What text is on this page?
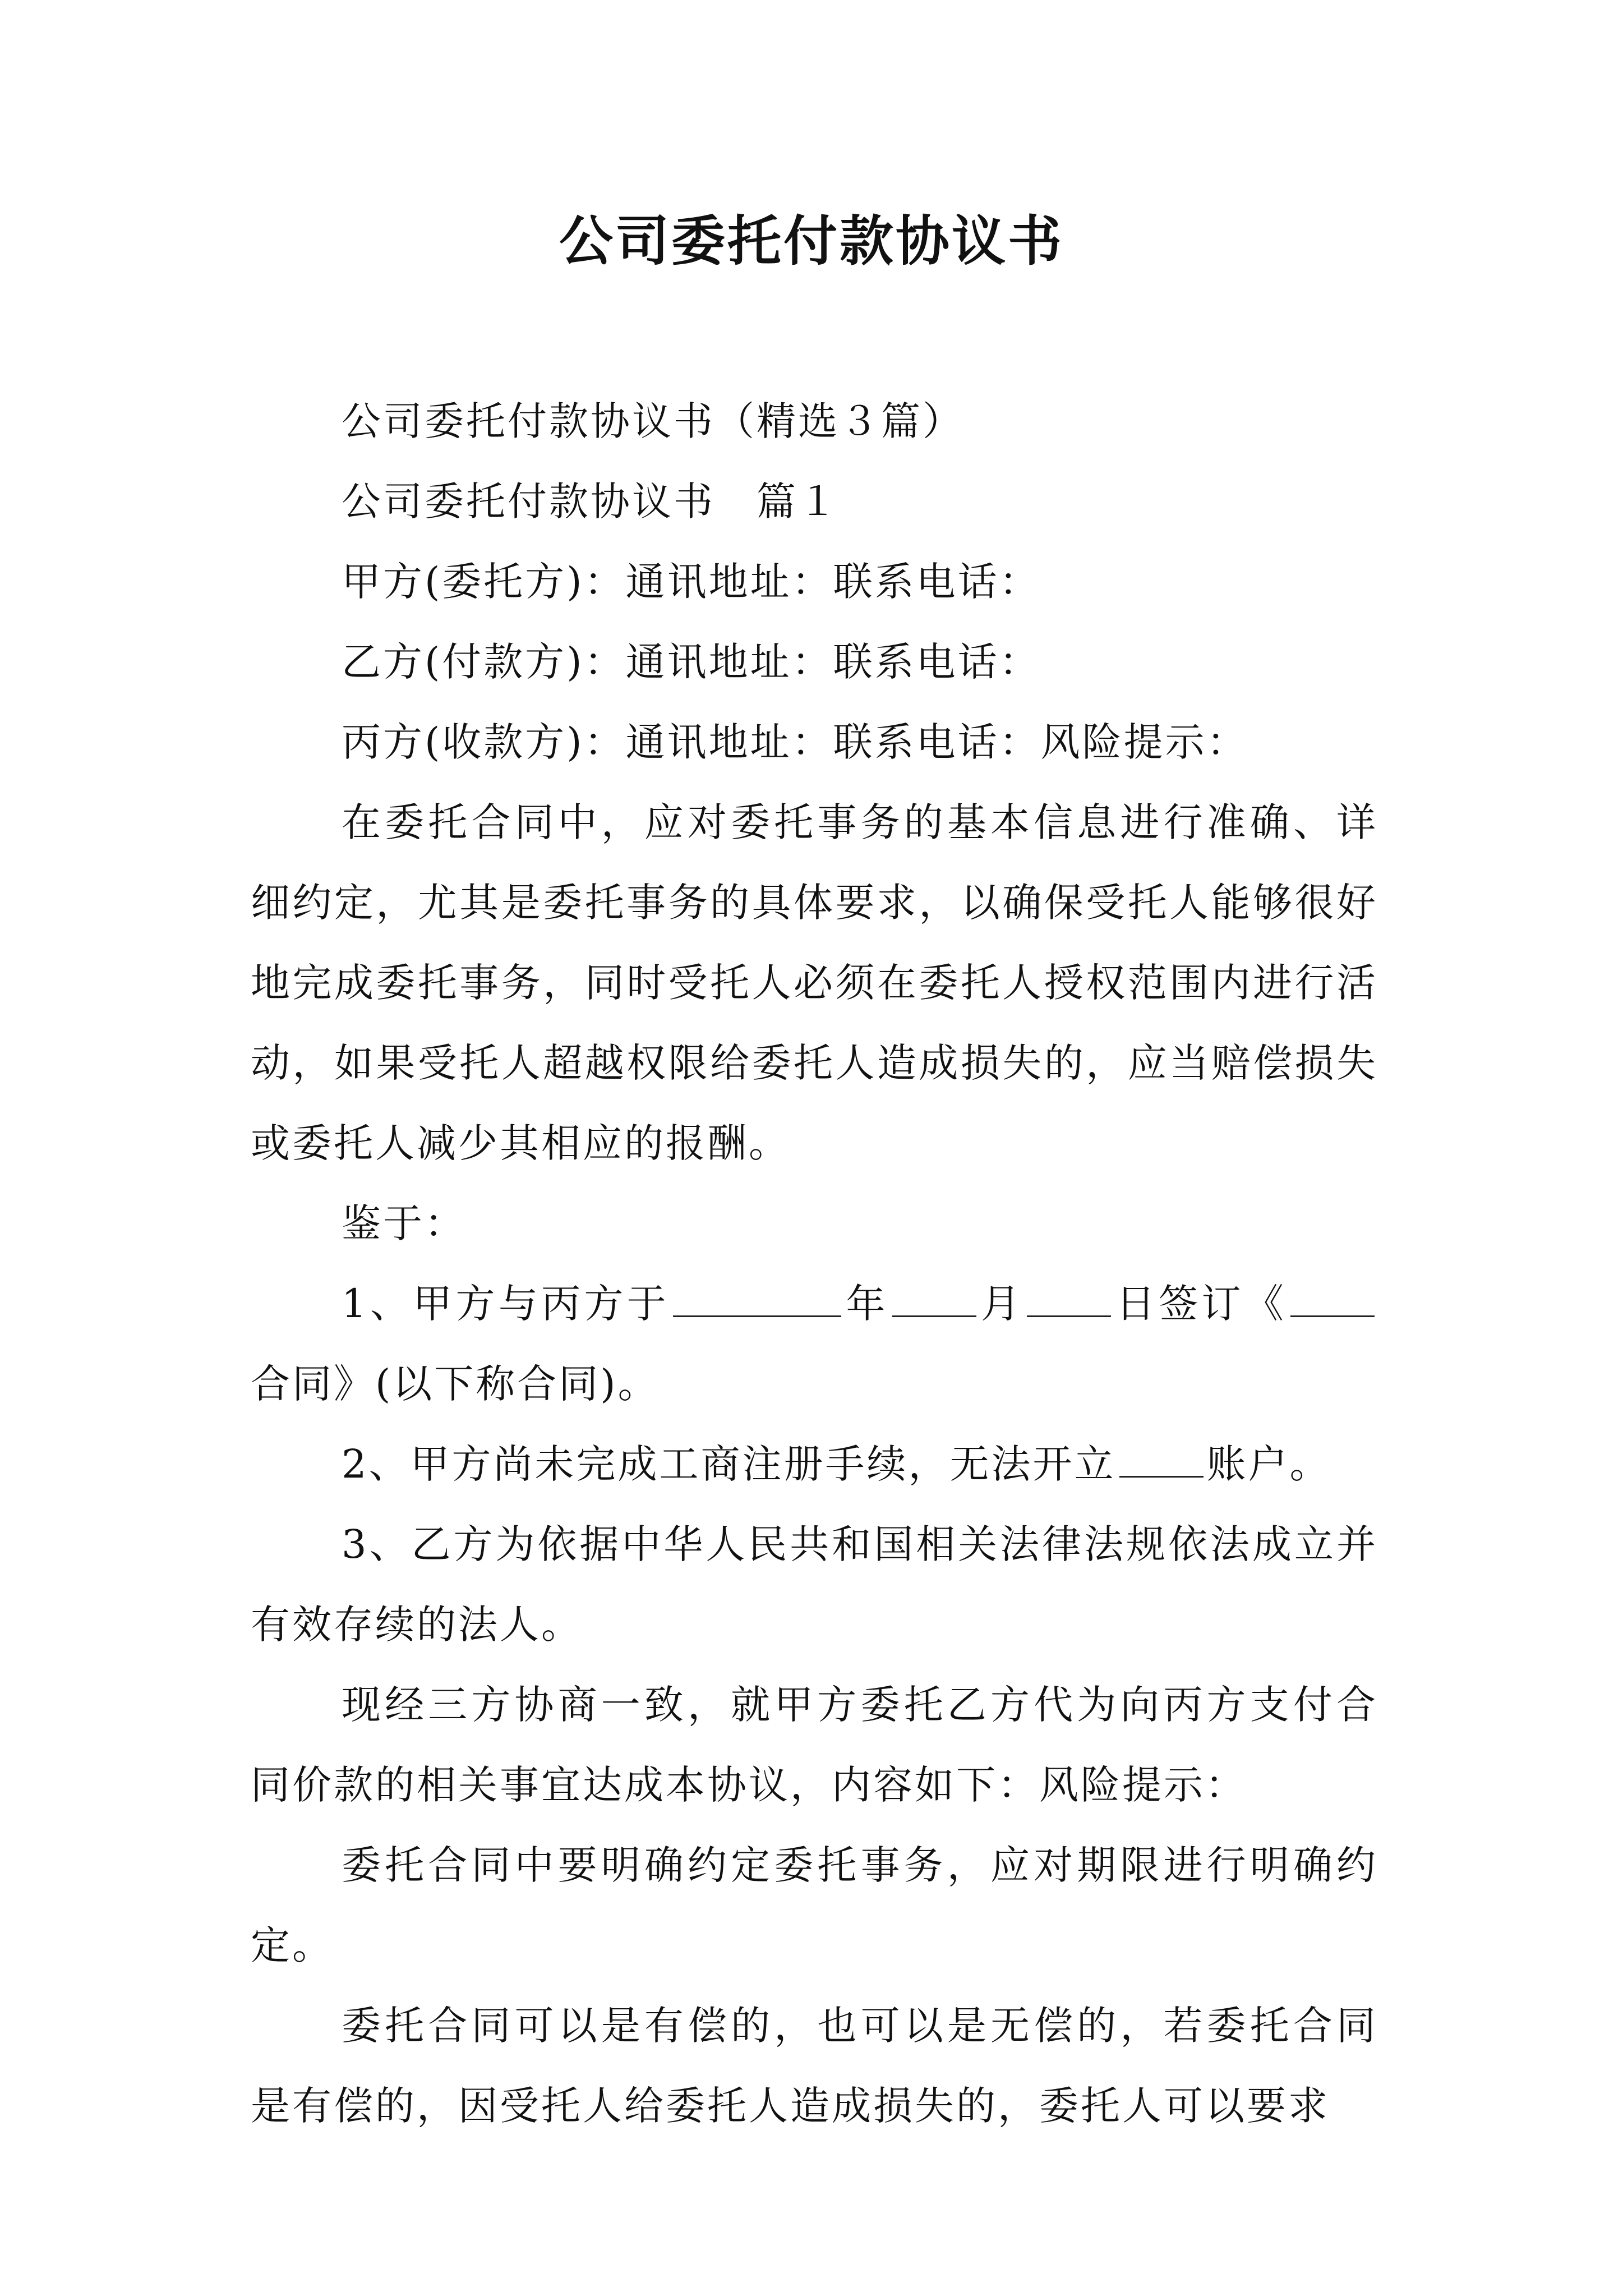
公司委托付款协议书

公司委托付款协议书（精选３篇）

公司委托付款协议书　篇１

甲方(委托方)：通讯地址：联系电话：

乙方(付款方)：通讯地址：联系电话：

丙方(收款方)：通讯地址：联系电话：风险提示：

在委托合同中，应对委托事务的基本信息进行准确、详细约定，尤其是委托事务的具体要求，以确保受托人能够很好地完成委托事务，同时受托人必须在委托人授权范围内进行活动，如果受托人超越权限给委托人造成损失的，应当赔偿损失或委托人减少其相应的报酬。

鉴于：

1、甲方与丙方于	年 月 日签订《合同》(以下称合同)。

2、甲方尚未完成工商注册手续，无法开立 账户。

3、乙方为依据中华人民共和国相关法律法规依法成立并有效存续的法人。

现经三方协商一致，就甲方委托乙方代为向丙方支付合同价款的相关事宜达成本协议，内容如下：风险提示：

委托合同中要明确约定委托事务，应对期限进行明确约定。

委托合同可以是有偿的，也可以是无偿的，若委托合同是有偿的，因受托人给委托人造成损失的，委托人可以要求
